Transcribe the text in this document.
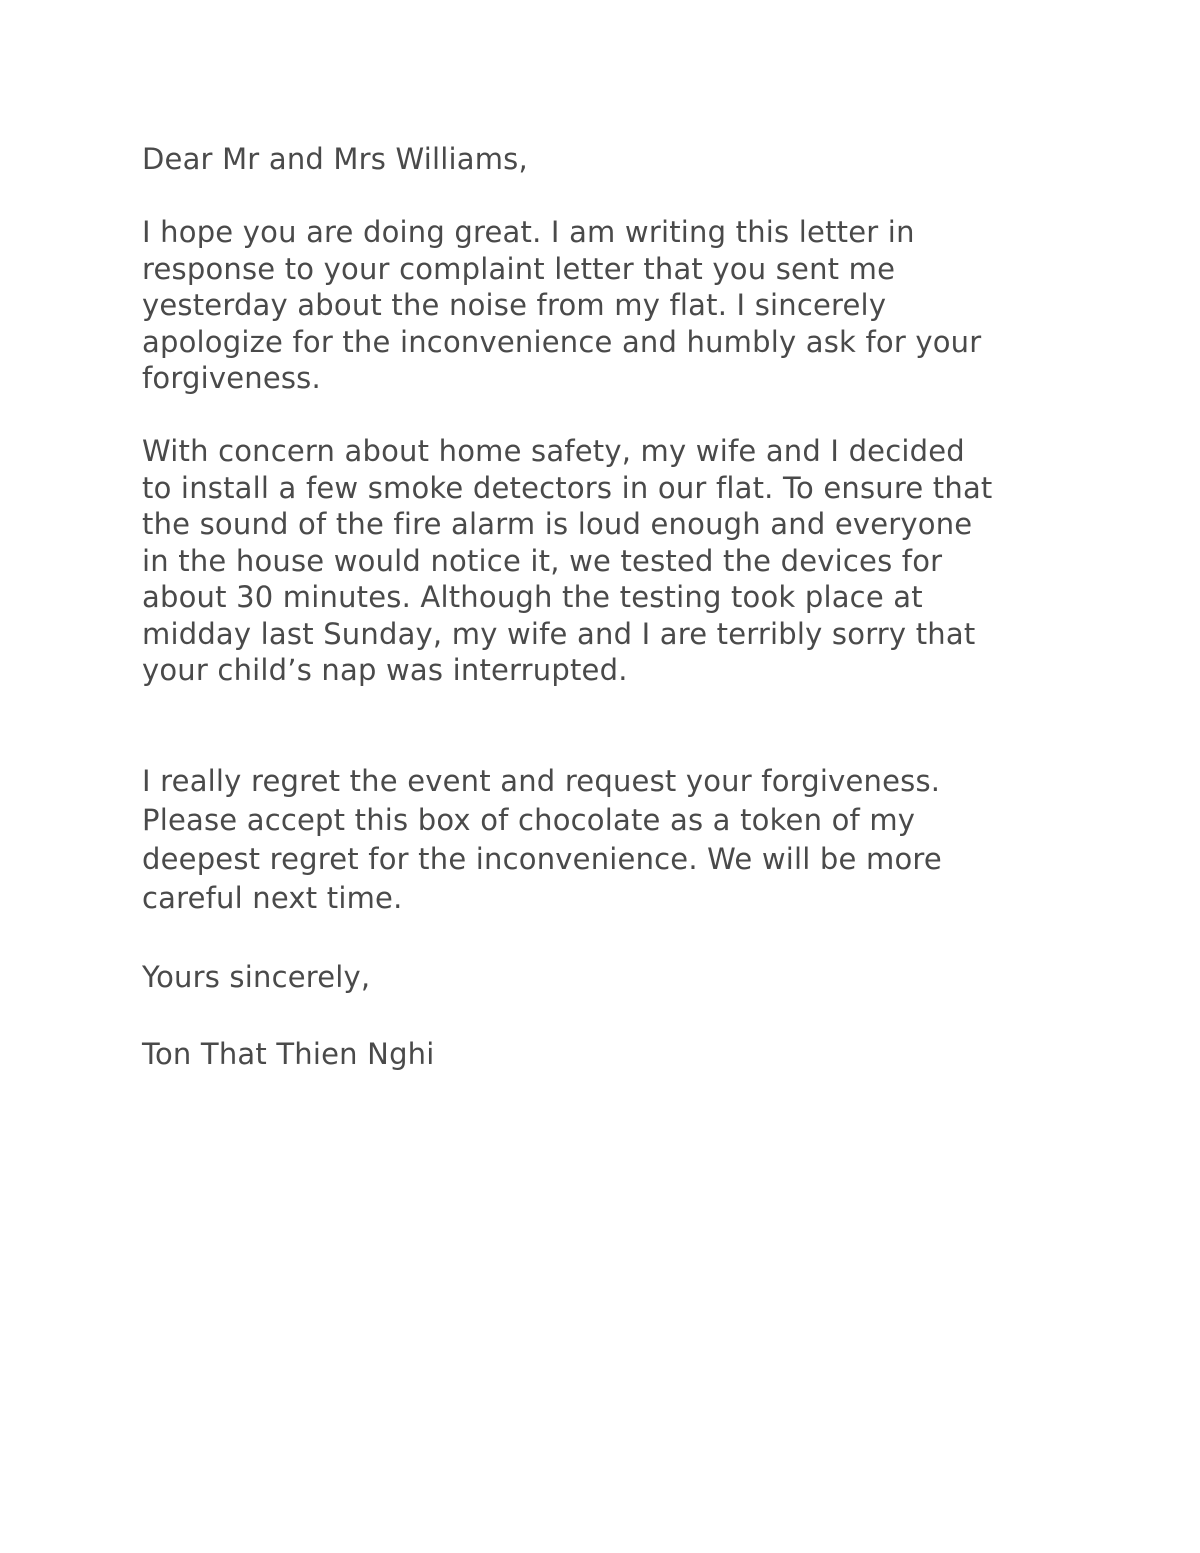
Dear Mr and Mrs Williams,
I hope you are doing great. I am writing this letter in
response to your complaint letter that you sent me
yesterday about the noise from my flat. I sincerely
apologize for the inconvenience and humbly ask for your
forgiveness.
With concern about home safety, my wife and I decided
to install a few smoke detectors in our flat. To ensure that
the sound of the fire alarm is loud enough and everyone
in the house would notice it, we tested the devices for
about 30 minutes. Although the testing took place at
midday last Sunday, my wife and I are terribly sorry that
your child’s nap was interrupted.
I really regret the event and request your forgiveness.
Please accept this box of chocolate as a token of my
deepest regret for the inconvenience. We will be more
careful next time.
Yours sincerely,
Ton That Thien Nghi
